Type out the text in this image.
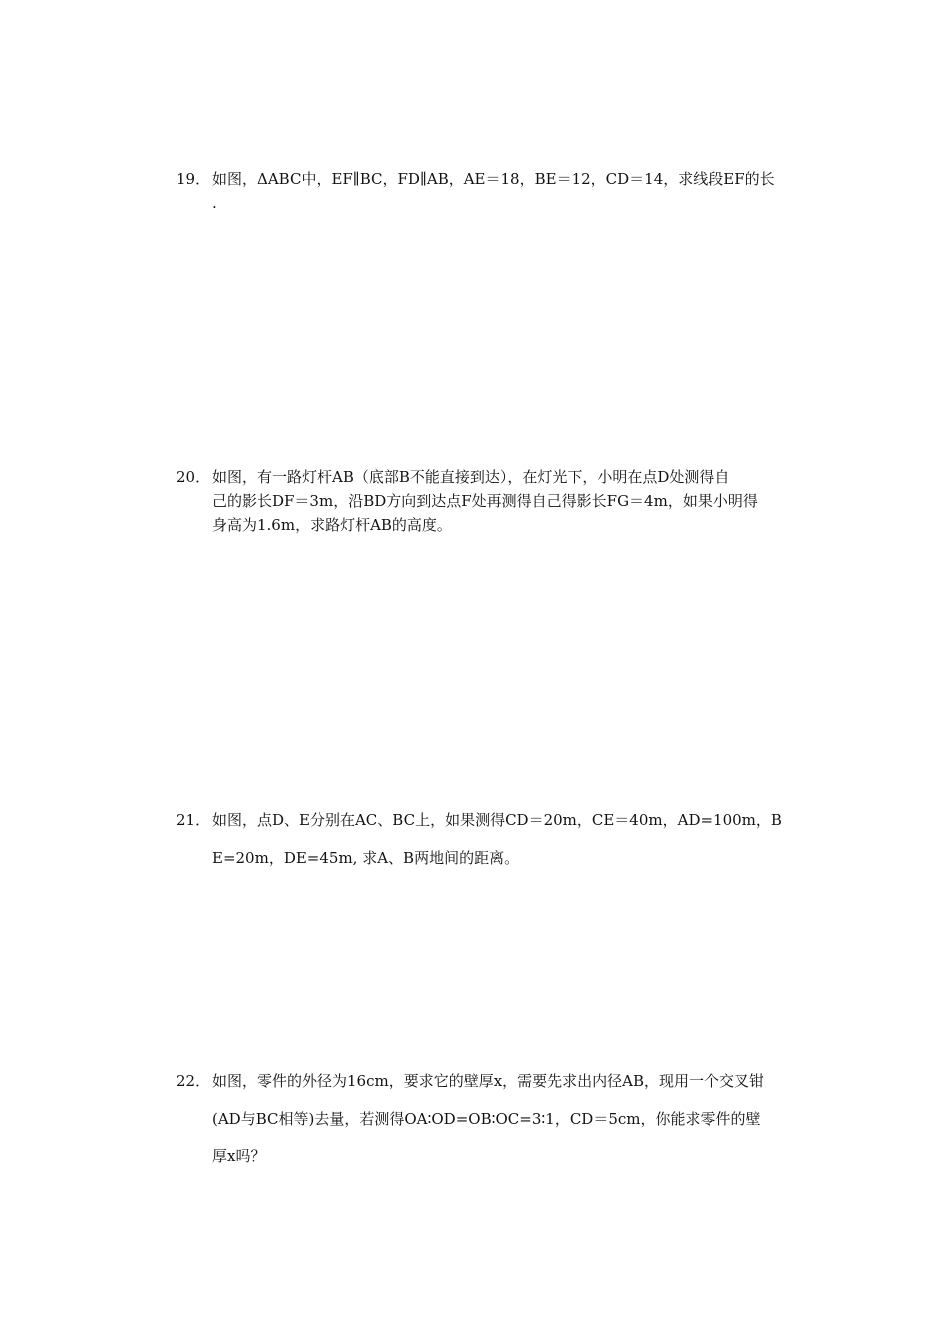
19． 如图，ΔABC中，EF∥BC，FD∥AB，AE＝18，BE＝12，CD＝14，求线段EF的长
.
20． 如图，有一路灯杆AB（底部B不能直接到达），在灯光下，小明在点D处测得自
己的影长DF＝3m，沿BD方向到达点F处再测得自己得影长FG＝4m，如果小明得
身高为1.6m，求路灯杆AB的高度。
21． 如图，点D、E分别在AC、BC上，如果测得CD＝20m，CE＝40m，AD=100m，B
E=20m，DE=45m, 求A、B两地间的距离。
22． 如图，零件的外径为16cm，要求它的壁厚x，需要先求出内径AB，现用一个交叉钳
(AD与BC相等)去量，若测得OA∶OD=OB∶OC=3∶1，CD＝5cm，你能求零件的壁
厚x吗？
